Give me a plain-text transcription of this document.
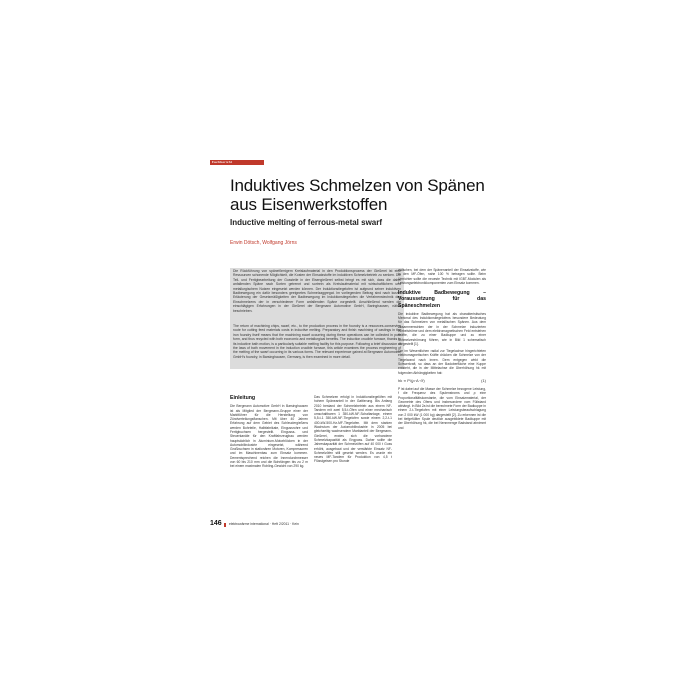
Fachbericht
Induktives Schmelzen von Spänen aus Eisenwerkstoffen
Inductive melting of ferrous-metal swarf
Erwin Dötsch, Wolfgang Jörns

Die Rückführung von späneförmigem Kreislaufmaterial in den Produktionsprozess der Gießerei ist eine Ressourcen schonende Möglichkeit, die Kosten der Einsatzstoffe im induktiven Schmelzbetrieb zu senken. Die Teil- und Fertigbearbeitung der Gussteile in der Eisengießerei selbst bringt es mit sich, dass die dabei anfallenden Späne nach Sorten getrennt und sortrein als Kreislaufmaterial mit wirtschaftlichem und metallurgischem Nutzen eingesetzt werden können. Der Induktionstiegelofen ist aufgrund seiner induktiven Badbewegung ein dafür besonders geeignetes Schmelzaggregat. Im vorliegenden Beitrag sind nach kurzer Erläuterung der Gesetzmäßigkeiten der Badbewegung im Induktionstiegelofen die Verfahrenstechnik des Einschmelzens der in verschiedener Form anfallenden Späne vorgestellt. Anschließend werden die einschlägigen Erfahrungen in der Gießerei der Bergmann Automotive GmbH, Baringhausen, näher beschrieben.

The return of machining chips, swarf, etc., to the production process in the foundry is a resources-conserving route for cutting feed materials costs in inductive melting. Preparatory and finish machining of castings in the iron foundry itself means that the machining swarf occurring during these operations can be collected in pure form, and thus recycled with both economic and metallurgical benefits. The induction crucible furnace, thanks to its inductive bath motion, is a particularly suitable melting facility for this purpose. Following a brief discussion of the laws of bath movement in the induction crucible furnace, this article examines the process engineering of the melting of the swarf occurring in its various forms. The relevant experience gained at Bergmann Automotive GmbH's foundry, in Barsinghausen, Germany, is then examined in more detail.

zwischen, bei dem der Spänenanteil der Einsatzstoffe, wie in den MF-Öfen, nahe 100 % betragen sollte. Beim Umrichter sollte die neueste Technik mit IGBT-Modulen als Leistungselektronikkomponenten zum Einsatz kommen.

Induktive Badbewegung – Voraussetzung für das Späneschmelzen

Die induktive Badbewegung hat als charakteristisches Merkmal des Induktionstiegelofens besondere Bedeutung für das Schmelzen von metallischen Spänen. Aus dem Zusammenwirken der in der Schmelze induzierten Wirbelströme und dem elektromagnetischen Feld entstehen Kräfte, die zu einer Badkuppe und zu einer Schmelzeströmung führen, wie in Bild 1 schematisch dargestellt [1].

Die im Wesentlichen radial zur Tiegelachse hingerichteten elektromagnetischen Kräfte drücken die Schmelze von der Tiegelwand nach innen. Dem entgegen wirkt die Schwerkraft, so dass an der Badoberfläche eine Kuppe entsteht, die in der Mittelachse die Überhöhung hk mit folgenden Abhängigkeiten hat:

hk ∝ P/(ρ·A·√f)	(1)

P ist dabei auf die Masse der Schmelze bezogene Leistung, f die Frequenz des Spulenstroms und ρ eine Proportionalitätskonstante, die vom Einsatzmaterial, der Geometrie des Ofens und insbesondere vom Füllstand abhängt. In Bild 2a ist die berechnete Form der Badkuppe in einem 2-t-Tiegelofen mit einer Leistungsbeaufschlagung von 2 000 kW (1 000 kg) dargestellt [2]. Zu erkennen ist die bei tiefgefüllter Spule deutlich ausgebildete Badkuppe mit der Überhöhung hk, die bei Nennmenge Badstand abnimmt und

Einleitung

Die Bergmann Automotive GmbH in Barsinghausen ist als Mitglied der Bergmann-Gruppe einer der Marktführer für die Herstellung von Zündverteilungsflanschen. Mit über 40 Jahren Erfahrung auf dem Gebiet des Schleudergießens werden Bohrteile, Halbfabrikate, Eingussrohre und Fertigbuchsen hergestellt. Eingusss- und Steuerkanäle für den Kraftfahrzeugbau werden hauptsächlich in Aluminium-Motorblöcken in der Automobilindustrie eingesetzt, während Großbuchsen in stationären Motoren, Kompressoren und im Maschinenbau zum Einsatz kommen. Dementsprechend reichen die Innendurchmesser von 60 bis 210 mm und die Bohrlängen bis zu 2 m bei einem maximalen Rohling-Gewicht von 290 kg.

Das Schmelzen erfolgt in Induktionstiegelöfen mit hohem Späneanteil in der Gattierung. Bis Anfang 2010 bestand der Schmelzbetrieb aus einem NF-Tandem mit zwei 5,5-t-Öfen und einer mechanisch umschaltbaren 1 350-kW-NF-Schaltanlage, einem 5,5-t-1 350-kW-NF-Tiegelofen sowie einem 2,2-t-1 400-kW-500-Hz-MF-Tiegelofen. Mit dem starken Wachstum der Automobilindustrie in 2005 bei gleichzeitig wachsendem Marktanteil der Bergmann-Gießerei, erwies sich die vorhandene Schmelzkapazität als Engpass. Daher sollte die Jahreskapazität der Schmelzöfen auf 40 000 t Guss erhöht, ausgebaut und der verstärkte Einsatz NF-Schmelzöfen still gesetzt werden. Es wurde ein neues MF-Tandem für Produktion von 4,5 t Flüssigeisen pro Stunde

146 elektrowärme international · Heft 2/2011 · Kein
